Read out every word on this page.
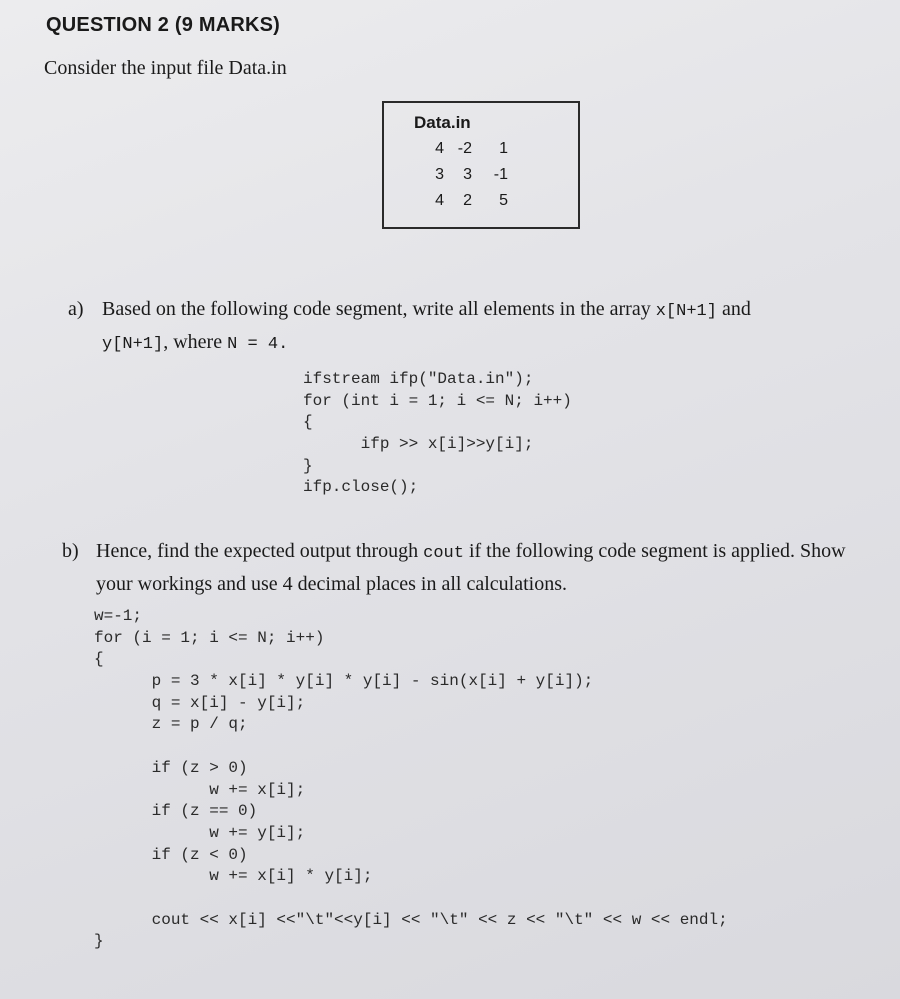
QUESTION 2 (9 MARKS)
Consider the input file Data.in
Data.in
4 -2	1
3	3	-1
4	2	5
a) Based on the following code segment, write all elements in the array x[N+1] and
y[N+1], where N = 4.
ifstream ifp("Data.in");
for (int i = 1; i <= N; i++)
{
ifp >> x[i]>>y[i];
}
ifp.close();
b) Hence, find the expected output through cout if the following code segment is applied. Show your workings and use 4 decimal places in all calculations.
w=-1;
for (i = 1; i <= N; i++)
{
p = 3 * x[i] * y[i] * y[i] - sin(x[i] + y[i]);
q = x[i] - y[i];
z = p / q;
if (z > 0)
w += x[i];
if (z == 0)
w += y[i];
if (z < 0)
w += x[i] * y[i];
cout << x[i] <<"\t"<<y[i] << "\t" << z << "\t" << w << endl;
}
